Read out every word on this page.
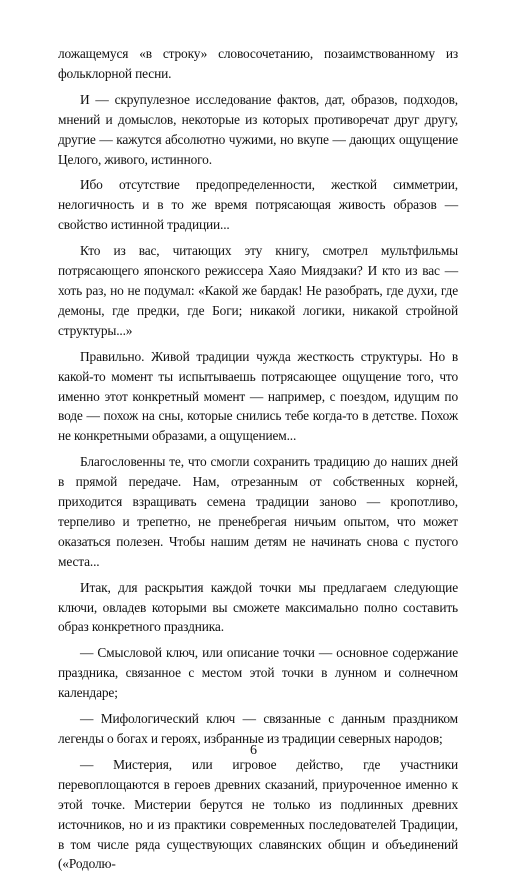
ложащемуся «в строку» словосочетанию, позаимствованному из фольклорной песни.

И — скрупулезное исследование фактов, дат, образов, подходов, мнений и домыслов, некоторые из которых противоречат друг другу, другие — кажутся абсолютно чужими, но вкупе — дающих ощущение Целого, живого, истинного.

Ибо отсутствие предопределенности, жесткой симметрии, нелогичность и в то же время потрясающая живость образов — свойство истинной традиции...

Кто из вас, читающих эту книгу, смотрел мультфильмы потрясающего японского режиссера Хаяо Миядзаки? И кто из вас — хоть раз, но не подумал: «Какой же бардак! Не разобрать, где духи, где демоны, где предки, где Боги; никакой логики, никакой стройной структуры...»

Правильно. Живой традиции чужда жесткость структуры. Но в какой-то момент ты испытываешь потрясающее ощущение того, что именно этот конкретный момент — например, с поездом, идущим по воде — похож на сны, которые снились тебе когда-то в детстве. Похож не конкретными образами, а ощущением...

Благословенны те, что смогли сохранить традицию до наших дней в прямой передаче. Нам, отрезанным от собственных корней, приходится взращивать семена традиции заново — кропотливо, терпеливо и трепетно, не пренебрегая ничьим опытом, что может оказаться полезен. Чтобы нашим детям не начинать снова с пустого места...

Итак, для раскрытия каждой точки мы предлагаем следующие ключи, овладев которыми вы сможете максимально полно составить образ конкретного праздника.

— Смысловой ключ, или описание точки — основное содержание праздника, связанное с местом этой точки в лунном и солнечном календаре;

— Мифологический ключ — связанные с данным праздником легенды о богах и героях, избранные из традиции северных народов;

— Мистерия, или игровое действо, где участники перевоплощаются в героев древних сказаний, приуроченное именно к этой точке. Мистерии берутся не только из подлинных древних источников, но и из практики современных последователей Традиции, в том числе ряда существующих славянских общин и объединений («Родолю-

6
